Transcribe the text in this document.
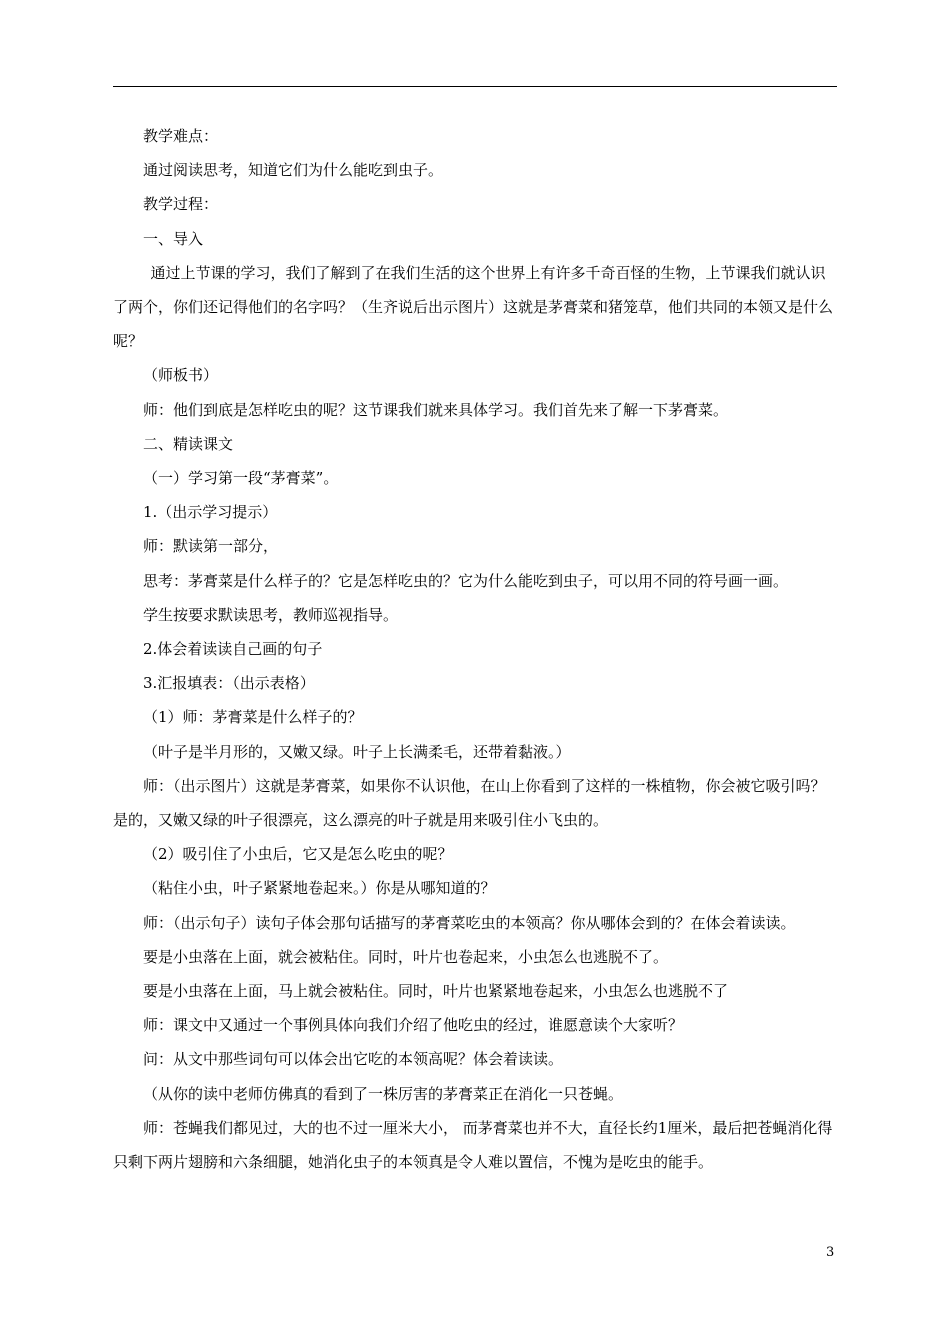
教学难点：

通过阅读思考，知道它们为什么能吃到虫子。

教学过程：

一、导入

通过上节课的学习，我们了解到了在我们生活的这个世界上有许多千奇百怪的生物，上节课我们就认识了两个，你们还记得他们的名字吗？（生齐说后出示图片）这就是茅膏菜和猪笼草，他们共同的本领又是什么呢？

（师板书）

师：他们到底是怎样吃虫的呢？这节课我们就来具体学习。我们首先来了解一下茅膏菜。

二、精读课文

（一）学习第一段“茅膏菜”。

1.（出示学习提示）

师：默读第一部分，

思考：茅膏菜是什么样子的？它是怎样吃虫的？它为什么能吃到虫子，可以用不同的符号画一画。

学生按要求默读思考，教师巡视指导。

2.体会着读读自己画的句子

3.汇报填表：（出示表格）

（1）师：茅膏菜是什么样子的？

（叶子是半月形的，又嫩又绿。叶子上长满柔毛，还带着黏液。）

师：（出示图片）这就是茅膏菜，如果你不认识他，在山上你看到了这样的一株植物，你会被它吸引吗？是的，又嫩又绿的叶子很漂亮，这么漂亮的叶子就是用来吸引住小飞虫的。

（2）吸引住了小虫后，它又是怎么吃虫的呢？

（粘住小虫，叶子紧紧地卷起来。）你是从哪知道的？

师：（出示句子）读句子体会那句话描写的茅膏菜吃虫的本领高？你从哪体会到的？在体会着读读。

要是小虫落在上面，就会被粘住。同时，叶片也卷起来，小虫怎么也逃脱不了。

要是小虫落在上面，马上就会被粘住。同时，叶片也紧紧地卷起来，小虫怎么也逃脱不了

师：课文中又通过一个事例具体向我们介绍了他吃虫的经过，谁愿意读个大家听？

问：从文中那些词句可以体会出它吃的本领高呢？体会着读读。

（从你的读中老师仿佛真的看到了一株厉害的茅膏菜正在消化一只苍蝇。

师：苍蝇我们都见过，大的也不过一厘米大小， 而茅膏菜也并不大，直径长约1厘米，最后把苍蝇消化得只剩下两片翅膀和六条细腿，她消化虫子的本领真是令人难以置信，不愧为是吃虫的能手。

3
